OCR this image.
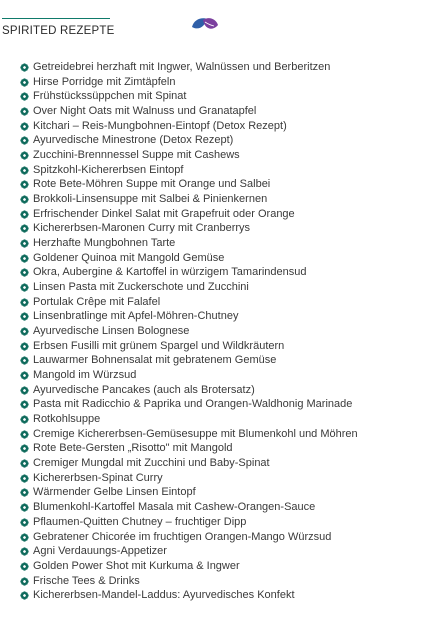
SPIRITED REZEPTE
Getreidebrei herzhaft mit Ingwer, Walnüssen und Berberitzen
Hirse Porridge mit Zimtäpfeln
Frühstückssüppchen mit Spinat
Over Night Oats mit Walnuss und Granatapfel
Kitchari – Reis-Mungbohnen-Eintopf (Detox Rezept)
Ayurvedische Minestrone (Detox Rezept)
Zucchini-Brennnessel Suppe mit Cashews
Spitzkohl-Kichererbsen Eintopf
Rote Bete-Möhren Suppe mit Orange und Salbei
Brokkoli-Linsensuppe mit Salbei & Pinienkernen
Erfrischender Dinkel Salat mit Grapefruit oder Orange
Kichererbsen-Maronen Curry mit Cranberrys
Herzhafte Mungbohnen Tarte
Goldener Quinoa mit Mangold Gemüse
Okra, Aubergine & Kartoffel in würzigem Tamarindensud
Linsen Pasta mit Zuckerschote und Zucchini
Portulak Crêpe mit Falafel
Linsenbratlinge mit Apfel-Möhren-Chutney
Ayurvedische Linsen Bolognese
Erbsen Fusilli mit grünem Spargel und Wildkräutern
Lauwarmer Bohnensalat mit gebratenem Gemüse
Mangold im Würzsud
Ayurvedische Pancakes (auch als Brotersatz)
Pasta mit Radicchio & Paprika und Orangen-Waldhonig Marinade
Rotkohlsuppe
Cremige Kichererbsen-Gemüsesuppe mit Blumenkohl und Möhren
Rote Bete-Gersten „Risotto" mit Mangold
Cremiger Mungdal mit Zucchini und Baby-Spinat
Kichererbsen-Spinat Curry
Wärmender Gelbe Linsen Eintopf
Blumenkohl-Kartoffel Masala mit Cashew-Orangen-Sauce
Pflaumen-Quitten Chutney – fruchtiger Dipp
Gebratener Chicorée im fruchtigen Orangen-Mango Würzsud
Agni Verdauungs-Appetizer
Golden Power Shot mit Kurkuma & Ingwer
Frische Tees & Drinks
Kichererbsen-Mandel-Laddus: Ayurvedisches Konfekt
